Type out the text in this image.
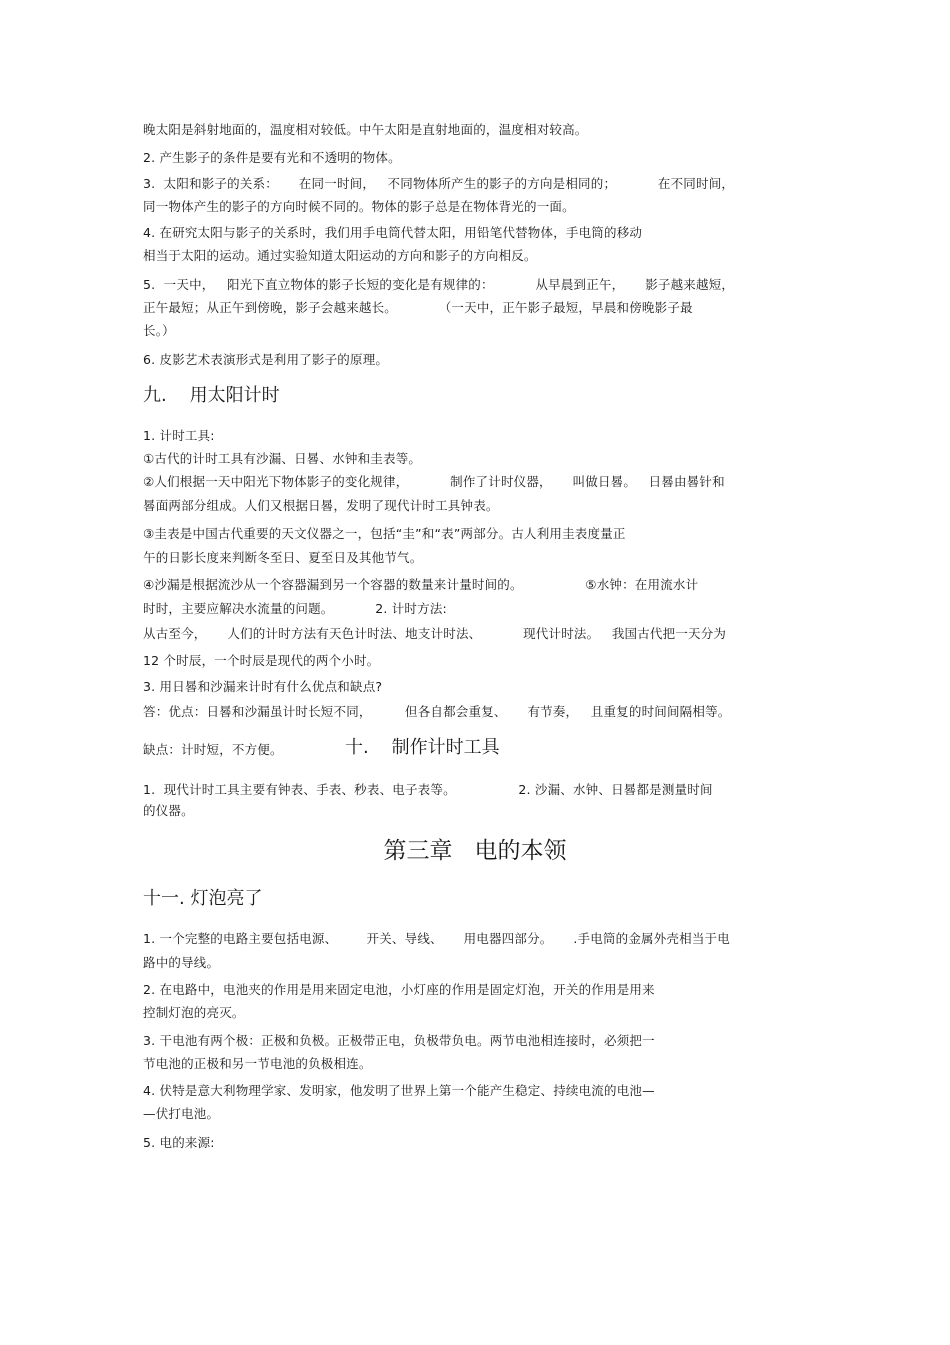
晚太阳是斜射地面的，温度相对较低。中午太阳是直射地面的，温度相对较高。

2. 产生影子的条件是要有光和不透明的物体。

3.  太阳和影子的关系：     在同一时间，   不同物体所产生的影子的方向是相同的；          在不同时间，

同一物体产生的影子的方向时候不同的。物体的影子总是在物体背光的一面。

4. 在研究太阳与影子的关系时，我们用手电筒代替太阳，用铅笔代替物体，手电筒的移动

相当于太阳的运动。通过实验知道太阳运动的方向和影子的方向相反。

5.  一天中，   阳光下直立物体的影子长短的变化是有规律的：          从早晨到正午，     影子越来越短，

正午最短；从正午到傍晚，影子会越来越长。          （一天中，正午影子最短，早晨和傍晚影子最

长。）

6. 皮影艺术表演形式是利用了影子的原理。

九.    用太阳计时

1. 计时工具:

①古代的计时工具有沙漏、日晷、水钟和圭表等。

②人们根据一天中阳光下物体影子的变化规律，          制作了计时仪器，     叫做日晷。   日晷由晷针和

晷面两部分组成。人们又根据日晷，发明了现代计时工具钟表。

③圭表是中国古代重要的天文仪器之一，包括“圭”和“表”两部分。古人利用圭表度量正

午的日影长度来判断冬至日、夏至日及其他节气。

④沙漏是根据流沙从一个容器漏到另一个容器的数量来计量时间的。               ⑤水钟：在用流水计

时时，主要应解决水流量的问题。          2. 计时方法:

从古至今，     人们的计时方法有天色计时法、地支计时法、          现代计时法。   我国古代把一天分为

12 个时辰，一个时辰是现代的两个小时。

3. 用日晷和沙漏来计时有什么优点和缺点?

答：优点：日晷和沙漏虽计时长短不同，        但各自都会重复、     有节奏，   且重复的时间间隔相等。

缺点：计时短，不方便。	十.    制作计时工具

1.  现代计时工具主要有钟表、手表、秒表、电子表等。               2. 沙漏、水钟、日晷都是测量时间

的仪器。

第三章   电的本领
十一. 灯泡亮了

1. 一个完整的电路主要包括电源、       开关、导线、     用电器四部分。     .手电筒的金属外壳相当于电

路中的导线。

2. 在电路中，电池夹的作用是用来固定电池，小灯座的作用是固定灯泡，开关的作用是用来

控制灯泡的亮灭。

3. 干电池有两个极：正极和负极。正极带正电，负极带负电。两节电池相连接时，必须把一

节电池的正极和另一节电池的负极相连。

4. 伏特是意大利物理学家、发明家，他发明了世界上第一个能产生稳定、持续电流的电池—

—伏打电池。

5. 电的来源:
